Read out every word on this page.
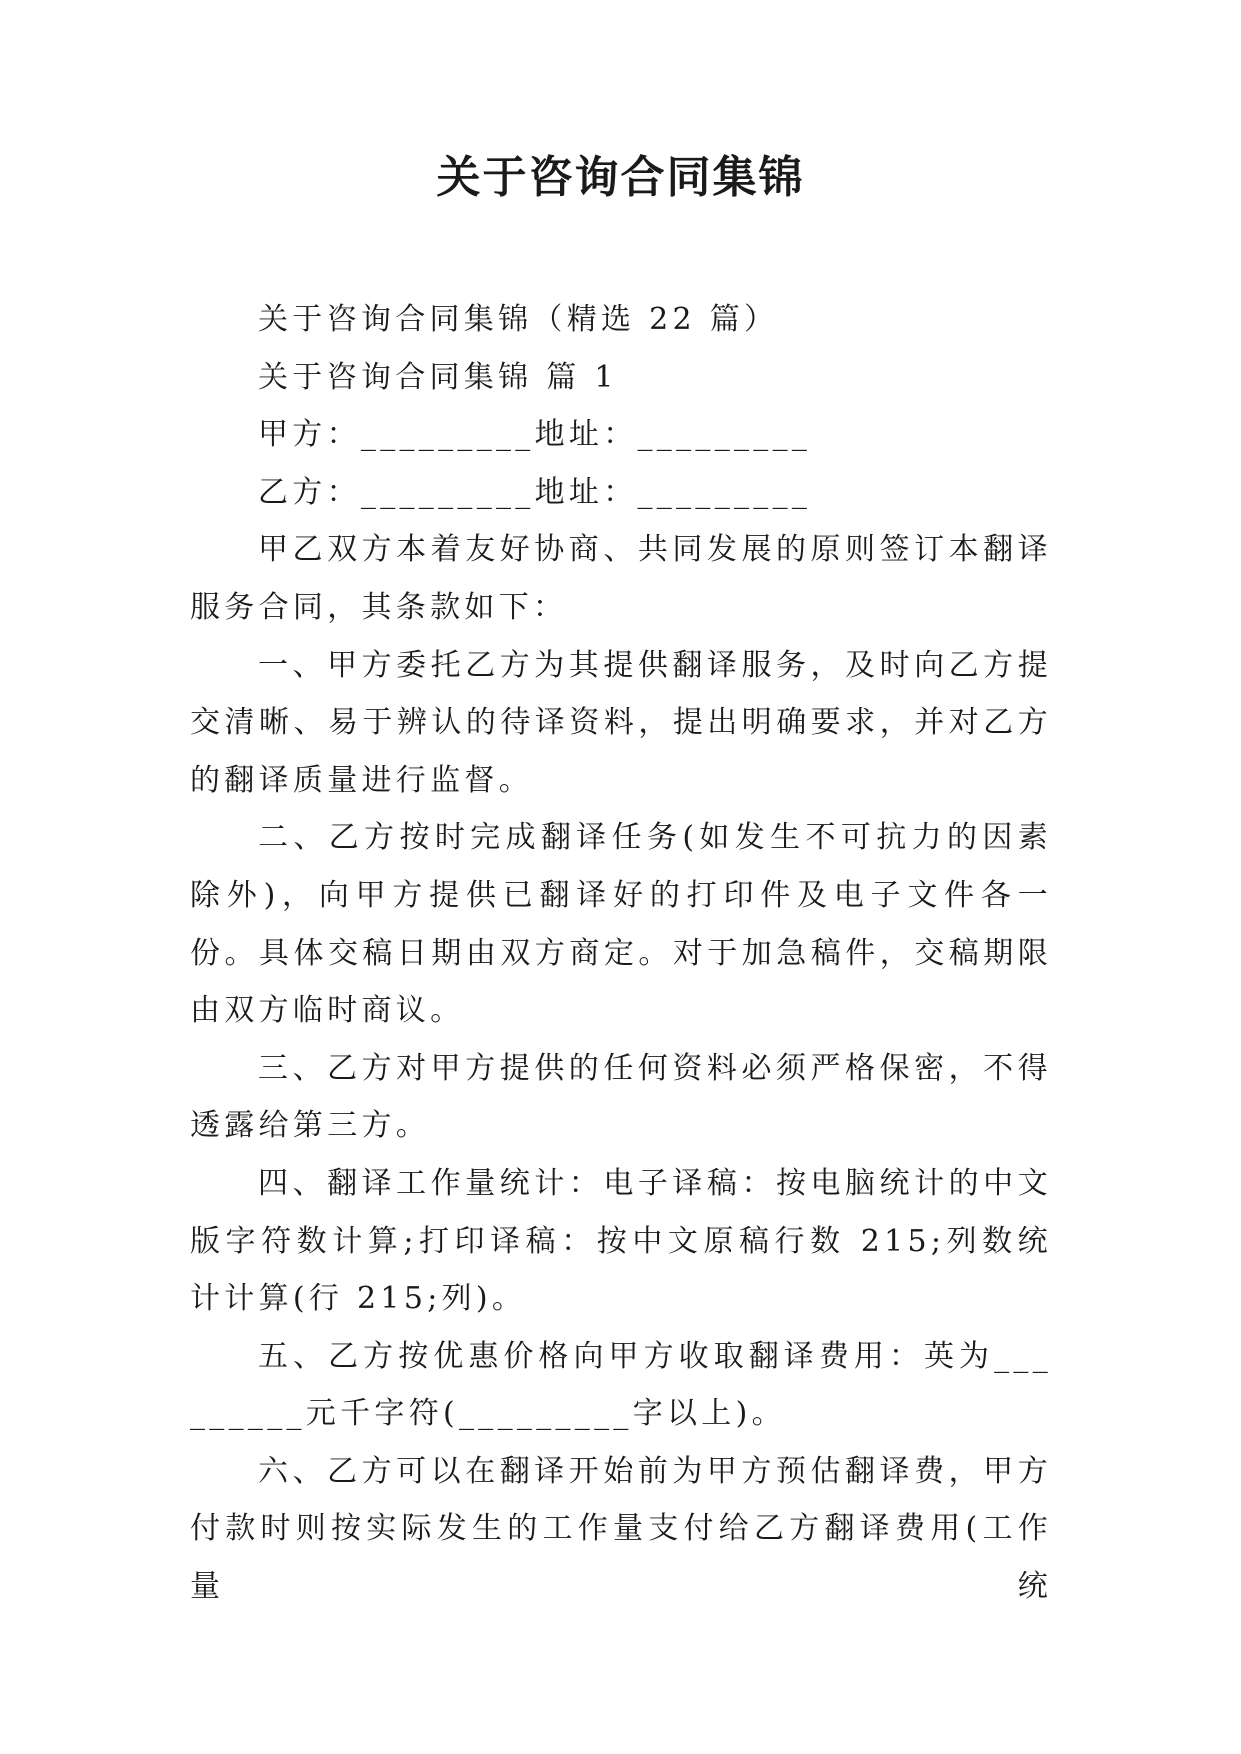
关于咨询合同集锦

关于咨询合同集锦（精选 22 篇）

关于咨询合同集锦 篇 1

甲方：_________地址：_________

乙方：_________地址：_________

甲乙双方本着友好协商、共同发展的原则签订本翻译服务合同，其条款如下：

一、甲方委托乙方为其提供翻译服务，及时向乙方提交清晰、易于辨认的待译资料，提出明确要求，并对乙方的翻译质量进行监督。

二、乙方按时完成翻译任务(如发生不可抗力的因素除外)，向甲方提供已翻译好的打印件及电子文件各一份。具体交稿日期由双方商定。对于加急稿件，交稿期限由双方临时商议。

三、乙方对甲方提供的任何资料必须严格保密，不得透露给第三方。

四、翻译工作量统计：电子译稿：按电脑统计的中文版字符数计算;打印译稿：按中文原稿行数 215;列数统计计算(行 215;列)。

五、乙方按优惠价格向甲方收取翻译费用：英为_________元千字符(_________字以上)。

六、乙方可以在翻译开始前为甲方预估翻译费，甲方付款时则按实际发生的工作量支付给乙方翻译费用(工作量统
